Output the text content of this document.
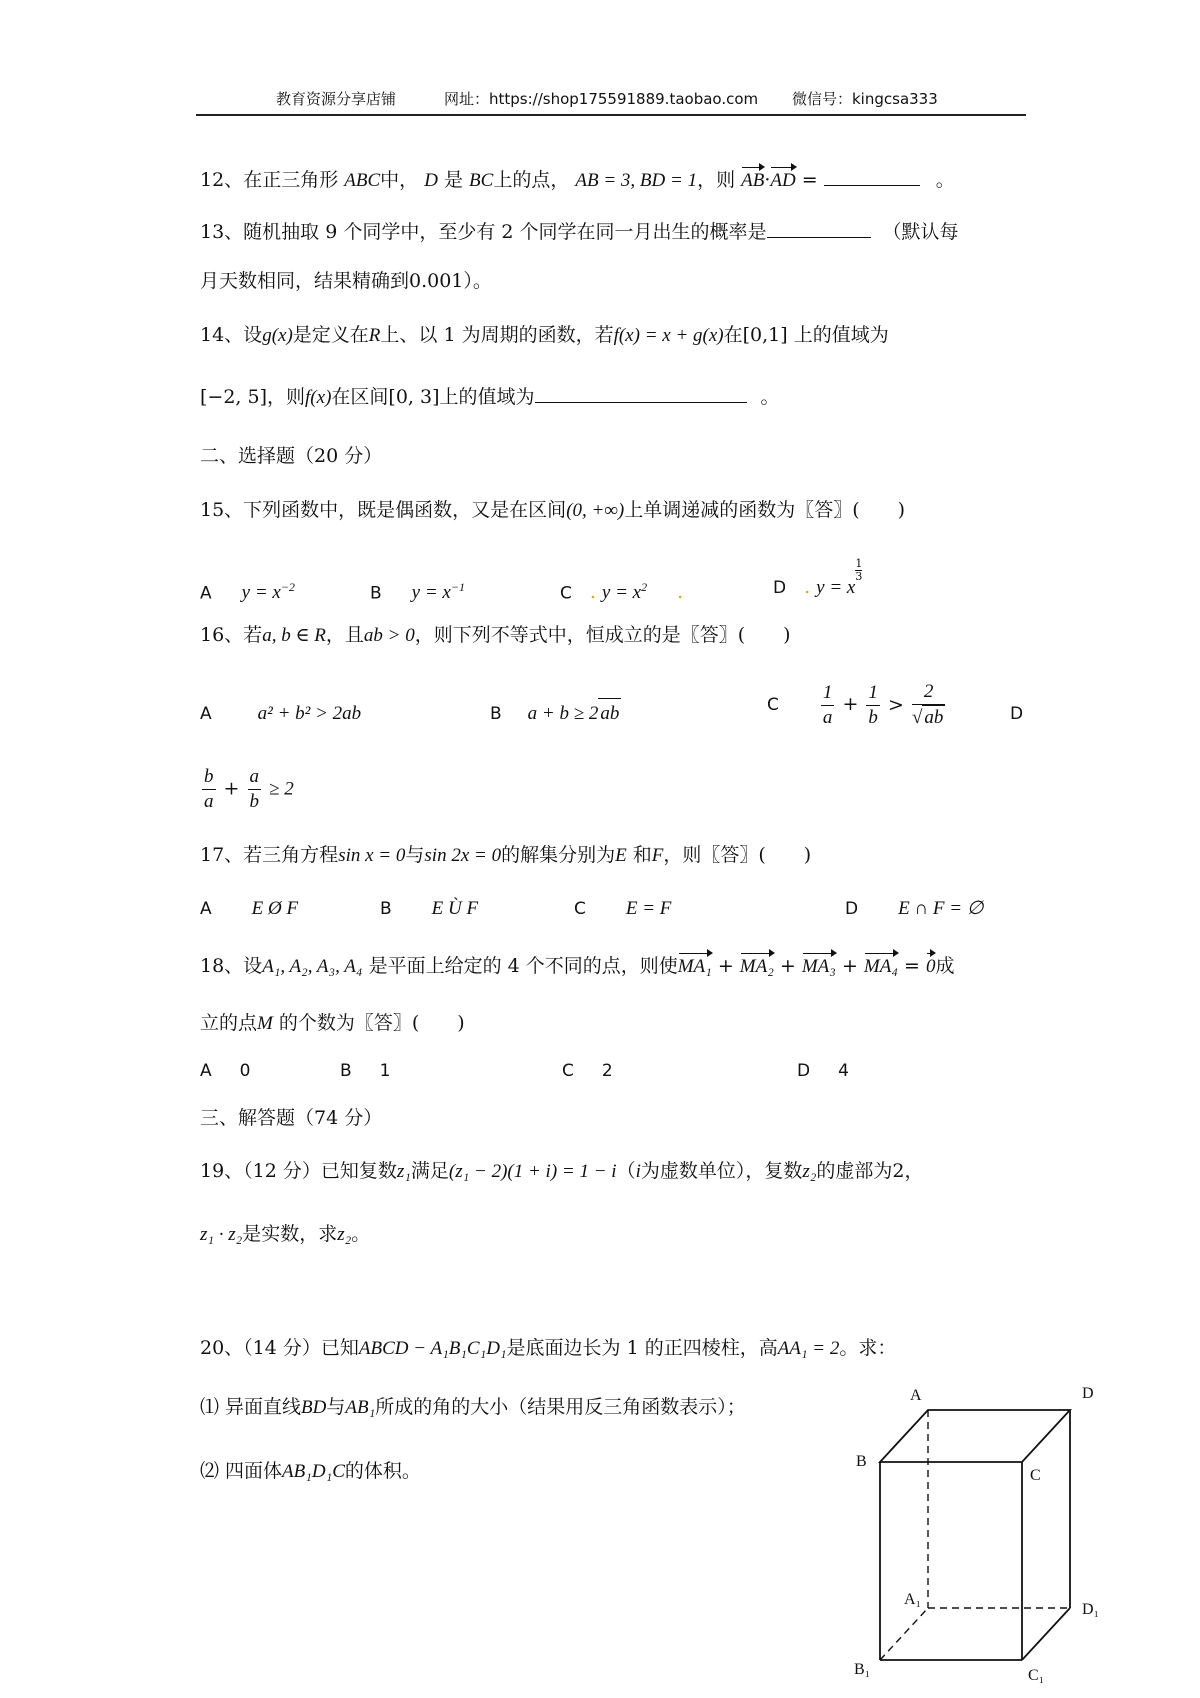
教育资源分享店铺	网址：https://shop175591889.taobao.com 微信号：kingcsa333
12、在正三角形 ABC中， D 是 BC上的点， AB = 3, BD = 1，则 AB·AD =	。
13、随机抽取 9 个同学中，至少有 2 个同学在同一月出生的概率是	（默认每
月天数相同，结果精确到0.001）。
14、设g(x)是定义在R上、以 1 为周期的函数，若f(x) = x + g(x)在[0,1] 上的值域为
[−2, 5]，则f(x)在区间[0, 3]上的值域为	。
二、选择题（20 分）
15、下列函数中，既是偶函数，又是在区间(0, +∞)上单调递减的函数为〖答〗(　　)
A $y = x^{-2}$	B $y = x^{-1}$	C . $y = x^2$ .	D . y = x
$\frac{1}{3}$
16、若a, b ∈ R，且ab > 0，则下列不等式中，恒成立的是〖答〗(　　)
A a² + b² > 2ab	B a + b ≥ 2 ab	C $\frac{1}{a} + \frac{1}{b} > \frac{2}{√ ab}$	D
$\frac{b}{a} + \frac{a}{b} \ge 2$
17、若三角方程sin x = 0与sin 2x = 0的解集分别为E 和F，则〖答〗(　　)
A E Ø F	B E Ù F	C E = F	D E ∩ F = ∅
18、设A₁, A₂, A₃, A₄ 是平面上给定的 4 个不同的点，则使MA₁ + MA₂ + MA₃ + MA₄ = 0成
立的点M 的个数为〖答〗(　　)
A 0	B 1	C 2	D 4
三、解答题（74 分）
19、（12 分）已知复数z₁满足(z₁ − 2)(1 + i) = 1 − i（i为虚数单位），复数z₂的虚部为2，
z₁ · z₂是实数，求z₂。
20、（14 分）已知ABCD − A₁B₁C₁D₁是底面边长为 1 的正四棱柱，高AA₁ = 2。求：
⑴ 异面直线BD与AB₁所成的角的大小（结果用反三角函数表示）；
⑵ 四面体AB₁D₁C的体积。
A	D
B
C
A₁
D₁
B₁	C₁
